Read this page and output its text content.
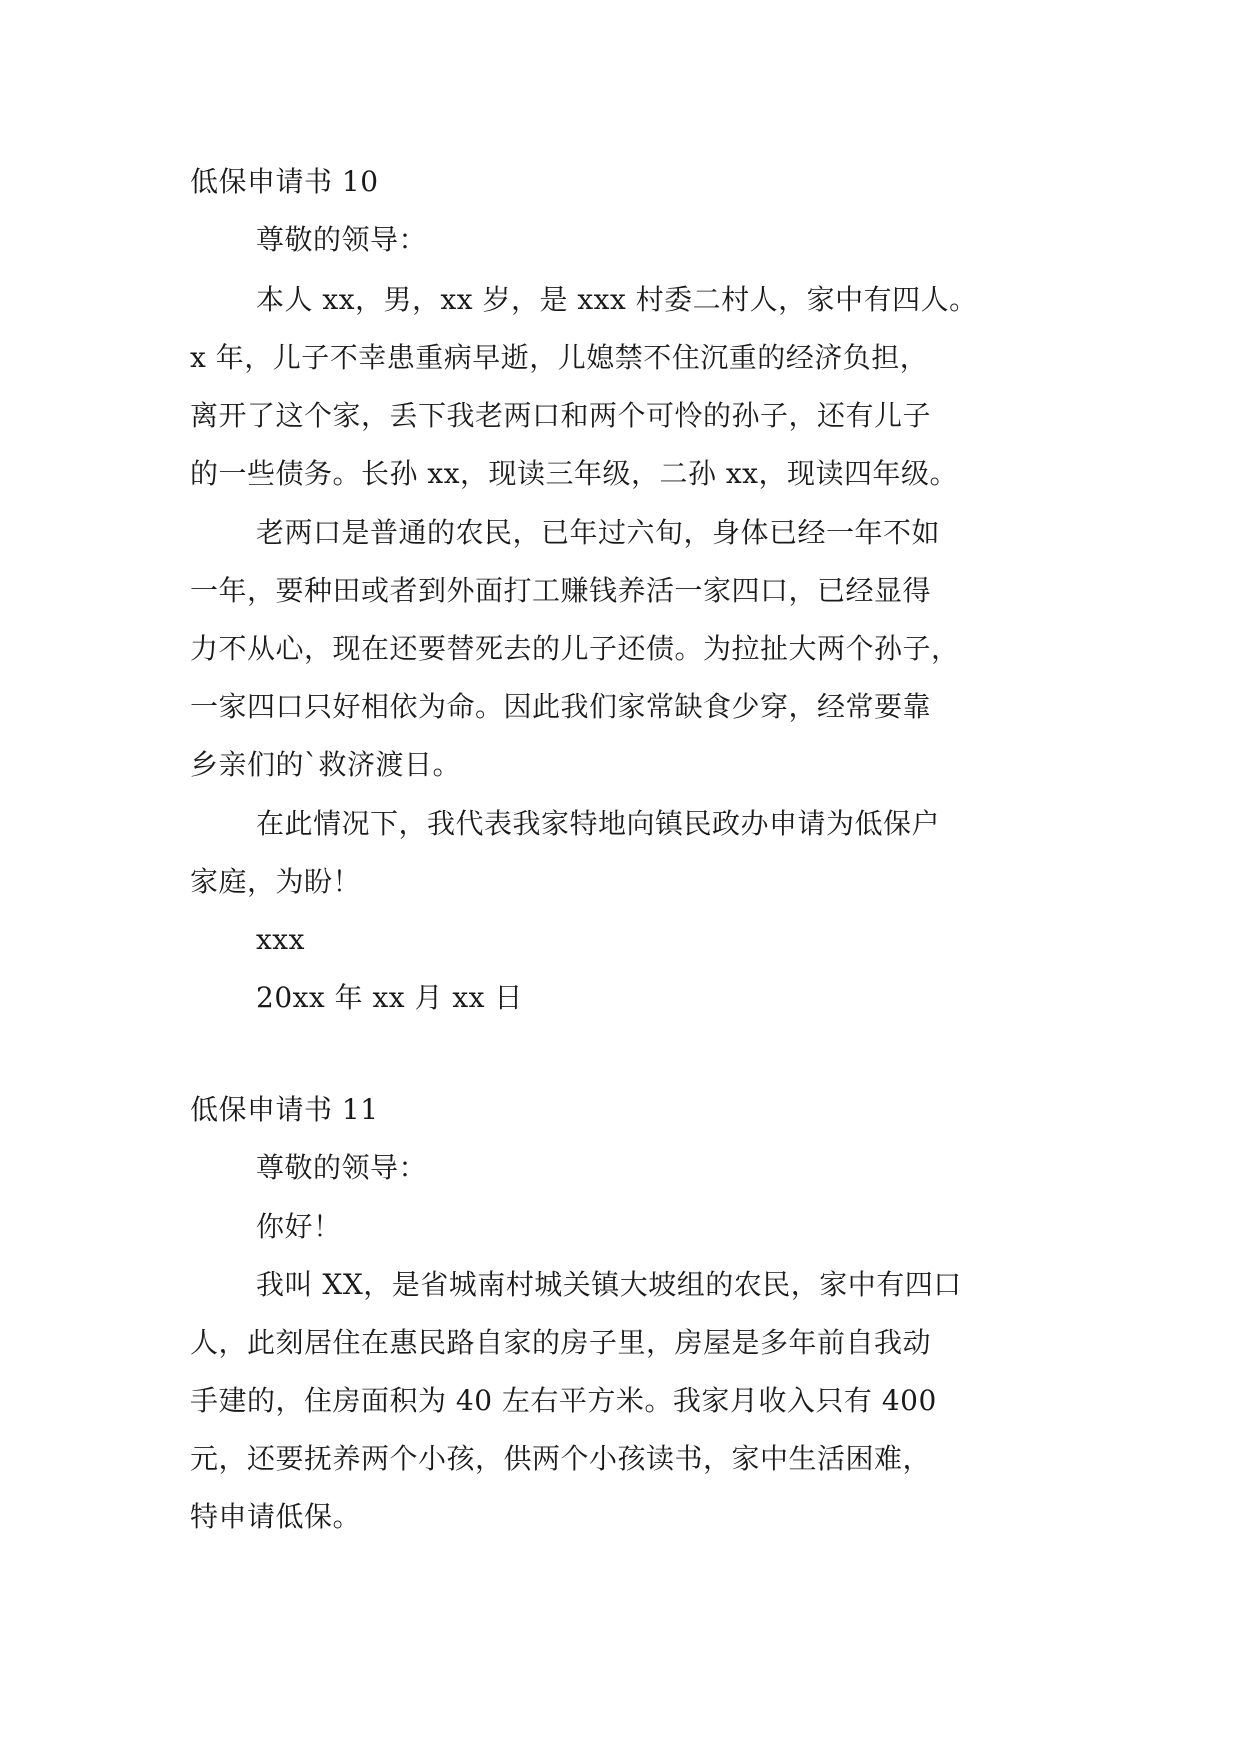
低保申请书 10
尊敬的领导：
本人 xx，男，xx 岁，是 xxx 村委二村人，家中有四人。
x 年，儿子不幸患重病早逝，儿媳禁不住沉重的经济负担，
离开了这个家，丢下我老两口和两个可怜的孙子，还有儿子
的一些债务。长孙 xx，现读三年级，二孙 xx，现读四年级。
老两口是普通的农民，已年过六旬，身体已经一年不如
一年，要种田或者到外面打工赚钱养活一家四口，已经显得
力不从心，现在还要替死去的儿子还债。为拉扯大两个孙子，
一家四口只好相依为命。因此我们家常缺食少穿，经常要靠
乡亲们的`救济渡日。
在此情况下，我代表我家特地向镇民政办申请为低保户
家庭，为盼！
xxx
20xx 年 xx 月 xx 日
低保申请书 11
尊敬的领导：
你好！
我叫 XX，是省城南村城关镇大坡组的农民，家中有四口
人，此刻居住在惠民路自家的房子里，房屋是多年前自我动
手建的，住房面积为 40 左右平方米。我家月收入只有 400
元，还要抚养两个小孩，供两个小孩读书，家中生活困难，
特申请低保。
